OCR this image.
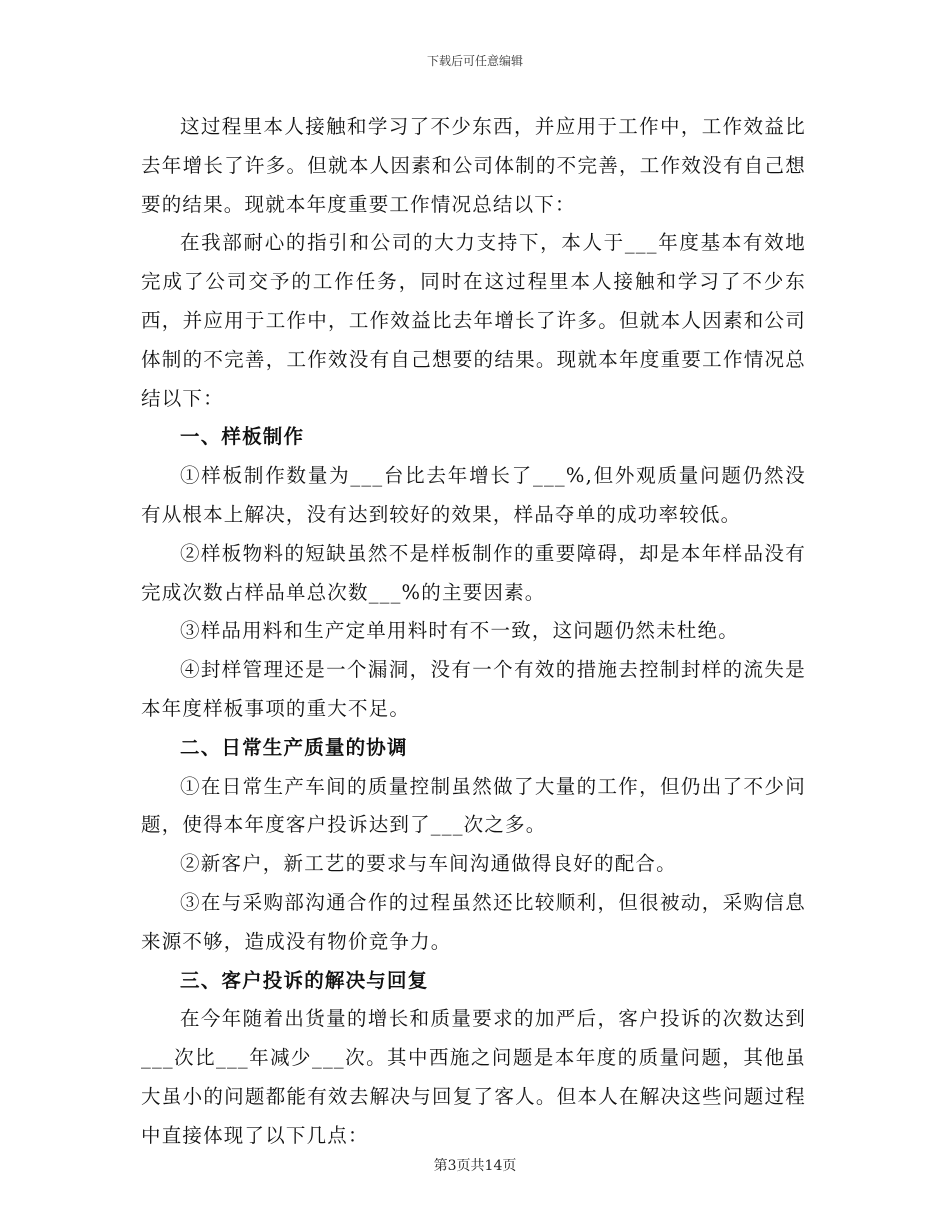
下载后可任意编辑

这过程里本人接触和学习了不少东西，并应用于工作中，工作效益比去年增长了许多。但就本人因素和公司体制的不完善，工作效没有自己想要的结果。现就本年度重要工作情况总结以下：

在我部耐心的指引和公司的大力支持下，本人于___年度基本有效地完成了公司交予的工作任务，同时在这过程里本人接触和学习了不少东西，并应用于工作中，工作效益比去年增长了许多。但就本人因素和公司体制的不完善，工作效没有自己想要的结果。现就本年度重要工作情况总结以下：

一、样板制作

①样板制作数量为___台比去年增长了___%,但外观质量问题仍然没有从根本上解决，没有达到较好的效果，样品夺单的成功率较低。

②样板物料的短缺虽然不是样板制作的重要障碍，却是本年样品没有完成次数占样品单总次数___%的主要因素。

③样品用料和生产定单用料时有不一致，这问题仍然未杜绝。

④封样管理还是一个漏洞，没有一个有效的措施去控制封样的流失是本年度样板事项的重大不足。

二、日常生产质量的协调

①在日常生产车间的质量控制虽然做了大量的工作，但仍出了不少问题，使得本年度客户投诉达到了___次之多。

②新客户，新工艺的要求与车间沟通做得良好的配合。

③在与采购部沟通合作的过程虽然还比较顺利，但很被动，采购信息来源不够，造成没有物价竞争力。

三、客户投诉的解决与回复

在今年随着出货量的增长和质量要求的加严后，客户投诉的次数达到___次比___年减少___次。其中西施之问题是本年度的质量问题，其他虽大虽小的问题都能有效去解决与回复了客人。但本人在解决这些问题过程中直接体现了以下几点：

第3页共14页
